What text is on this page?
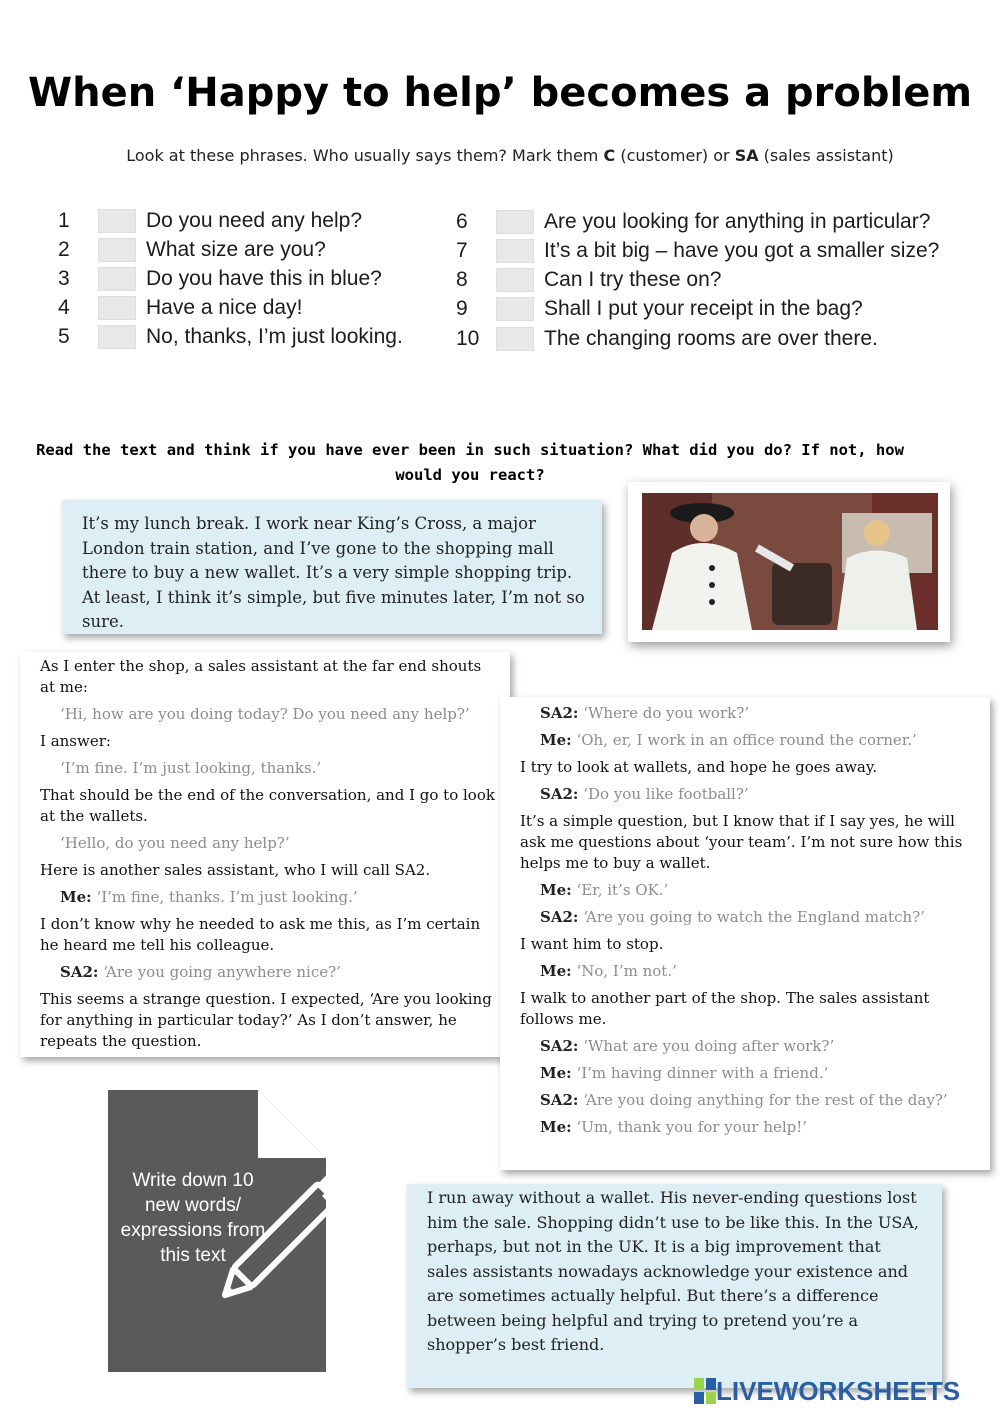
When ‘Happy to help’ becomes a problem
Look at these phrases. Who usually says them? Mark them C (customer) or SA (sales assistant)
1	Do you need any help?
2	What size are you?
3	Do you have this in blue?
4	Have a nice day!
5	No, thanks, I’m just looking.
6	Are you looking for anything in particular?
7	It’s a bit big – have you got a smaller size?
8	Can I try these on?
9	Shall I put your receipt in the bag?
10	The changing rooms are over there.
Read the text and think if you have ever been in such situation? What did you do? If not, how would you react?

It’s my lunch break. I work near King’s Cross, a major London train station, and I’ve gone to the shopping mall there to buy a new wallet. It’s a very simple shopping trip. At least, I think it’s simple, but five minutes later, I’m not so sure.

As I enter the shop, a sales assistant at the far end shouts at me:

‘Hi, how are you doing today? Do you need any help?’

I answer:

‘I’m fine. I’m just looking, thanks.’

That should be the end of the conversation, and I go to look at the wallets.

‘Hello, do you need any help?’

Here is another sales assistant, who I will call SA2.

Me: ‘I’m fine, thanks. I’m just looking.’

I don’t know why he needed to ask me this, as I’m certain he heard me tell his colleague.

SA2: ‘Are you going anywhere nice?’

This seems a strange question. I expected, ‘Are you looking for anything in particular today?’ As I don’t answer, he repeats the question.

SA2: ‘Where do you work?’

Me: ‘Oh, er, I work in an office round the corner.’

I try to look at wallets, and hope he goes away.

SA2: ‘Do you like football?’

It’s a simple question, but I know that if I say yes, he will ask me questions about ‘your team’. I’m not sure how this helps me to buy a wallet.

Me: ‘Er, it’s OK.’

SA2: ‘Are you going to watch the England match?’

I want him to stop.

Me: ‘No, I’m not.’

I walk to another part of the shop. The sales assistant follows me.

SA2: ‘What are you doing after work?’

Me: ‘I’m having dinner with a friend.’

SA2: ‘Are you doing anything for the rest of the day?’

Me: ‘Um, thank you for your help!’

I run away without a wallet. His never-ending questions lost him the sale. Shopping didn’t use to be like this. In the USA, perhaps, but not in the UK. It is a big improvement that sales assistants nowadays acknowledge your existence and are sometimes actually helpful. But there’s a difference between being helpful and trying to pretend you’re a shopper’s best friend.

Write down 10 new words/ expressions from this text
LIVEWORKSHEETS
